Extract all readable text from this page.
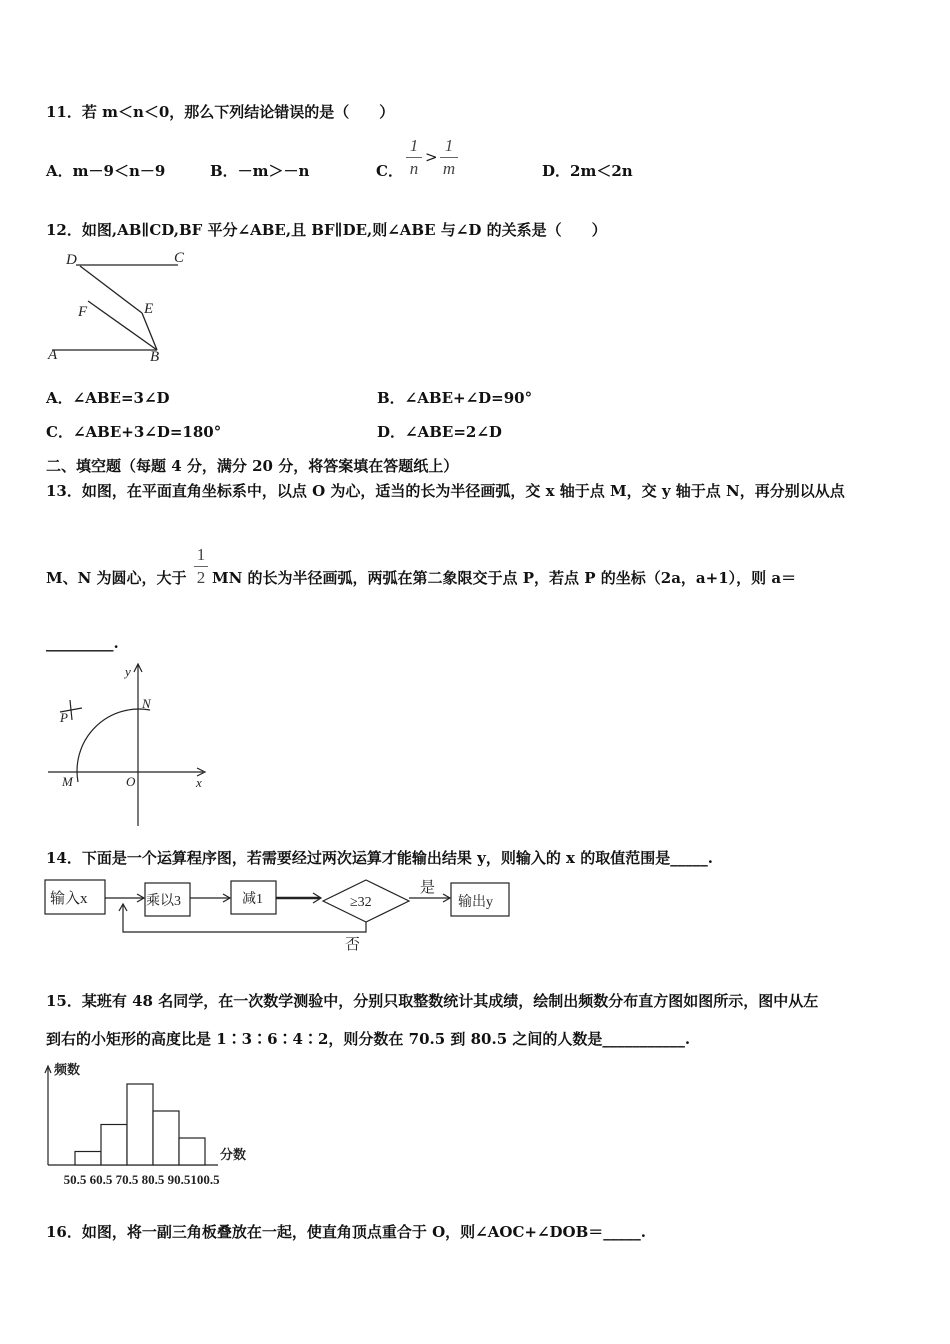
11．若 m＜n＜0，那么下列结论错误的是（　　）
A．m－9＜n－9	B．－m＞－n	C．
1
n
>
1
m	D．2m＜2n
12．如图,AB∥CD,BF 平分∠ABE,且 BF∥DE,则∠ABE 与∠D 的关系是（　　）
D	C
E
F
A	B
A．∠ABE=3∠D	B．∠ABE+∠D=90°
C．∠ABE+3∠D=180°	D．∠ABE=2∠D
二、填空题（每题 4 分，满分 20 分，将答案填在答题纸上）
13．如图，在平面直角坐标系中，以点 O 为心，适当的长为半径画弧，交 x 轴于点 M，交 y 轴于点 N，再分别以从点
M、N 为圆心，大于
1
2 MN 的长为半径画弧，两弧在第二象限交于点 P，若点 P 的坐标（2a，a+1），则 a＝
_________.
y
x
N
P
M	O
14．下面是一个运算程序图，若需要经过两次运算才能输出结果 y，则输入的 x 的取值范围是_____.
输入x	乘以3	减1	≥32
是
否
输出y
15．某班有 48 名同学，在一次数学测验中，分别只取整数统计其成绩，绘制出频数分布直方图如图所示，图中从左
到右的小矩形的高度比是 1∶3∶6∶4∶2，则分数在 70.5 到 80.5 之间的人数是___________.
频数
分数
50.5 60.5 70.5 80.5 90.5 100.5
16．如图，将一副三角板叠放在一起，使直角顶点重合于 O，则∠AOC+∠DOB＝_____.
